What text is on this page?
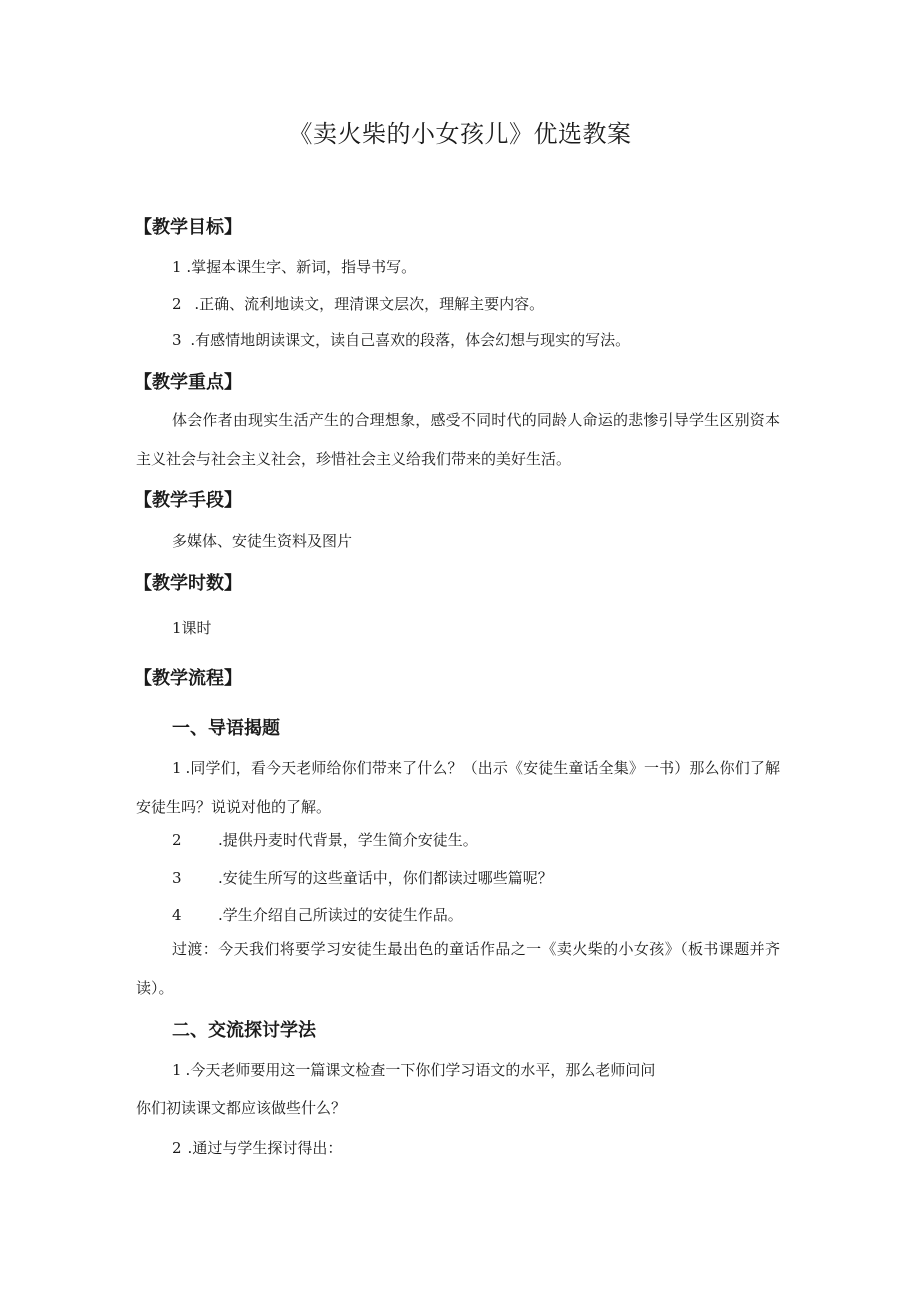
《卖火柴的小女孩儿》优选教案
【教学目标】
1 .掌握本课生字、新词，指导书写。
2 .正确、流利地读文，理清课文层次，理解主要内容。
3 .有感情地朗读课文，读自己喜欢的段落，体会幻想与现实的写法。
【教学重点】
体会作者由现实生活产生的合理想象，感受不同时代的同龄人命运的悲惨引导学生区别资本主义社会与社会主义社会，珍惜社会主义给我们带来的美好生活。
【教学手段】
多媒体、安徒生资料及图片
【教学时数】
1课时
【教学流程】
一、导语揭题
1 .同学们，看今天老师给你们带来了什么？（出示《安徒生童话全集》一书）那么你们了解安徒生吗？说说对他的了解。
2 .提供丹麦时代背景，学生简介安徒生。
3 .安徒生所写的这些童话中，你们都读过哪些篇呢？
4 .学生介绍自己所读过的安徒生作品。
过渡：今天我们将要学习安徒生最出色的童话作品之一《卖火柴的小女孩》（板书课题并齐读）。
二、交流探讨学法
1 .今天老师要用这一篇课文检查一下你们学习语文的水平，那么老师问问
你们初读课文都应该做些什么？
2 .通过与学生探讨得出：
